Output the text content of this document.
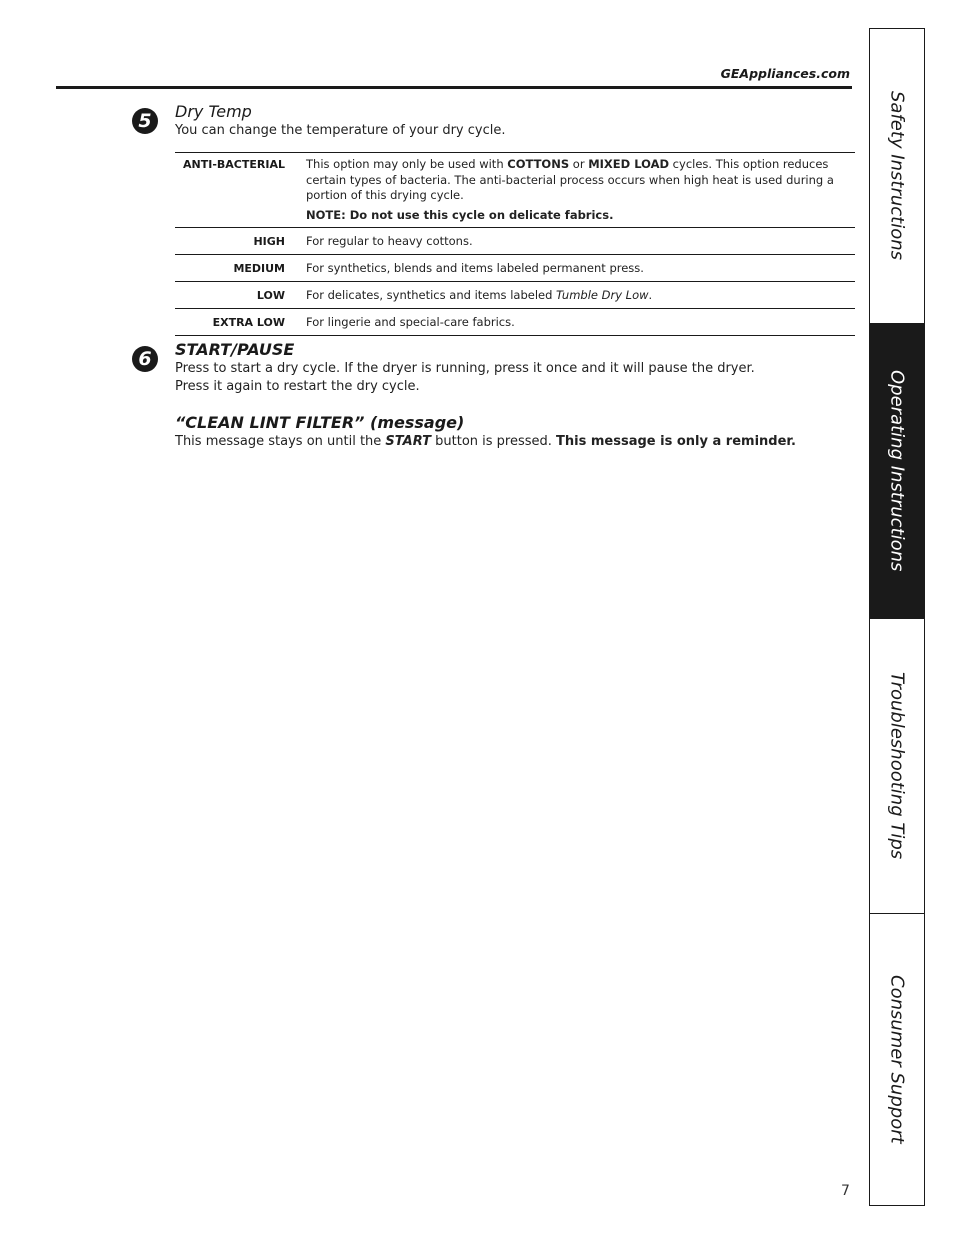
GEAppliances.com
5	Dry Temp
You can change the temperature of your dry cycle.
ANTI-BACTERIAL This option may only be used with COTTONS or MIXED LOAD cycles. This option reduces certain types of bacteria. The anti-bacterial process occurs when high heat is used during a portion of this drying cycle.
NOTE: Do not use this cycle on delicate fabrics.
HIGH For regular to heavy cottons.
MEDIUM For synthetics, blends and items labeled permanent press.
LOW For delicates, synthetics and items labeled Tumble Dry Low.
EXTRA LOW For lingerie and special-care fabrics.
6	START/PAUSE
Press to start a dry cycle. If the dryer is running, press it once and it will pause the dryer.
Press it again to restart the dry cycle.
“CLEAN LINT FILTER” (message)
This message stays on until the START button is pressed. This message is only a reminder.
Safety Instructions
Operating Instructions
Troubleshooting Tips
Consumer Support
7
